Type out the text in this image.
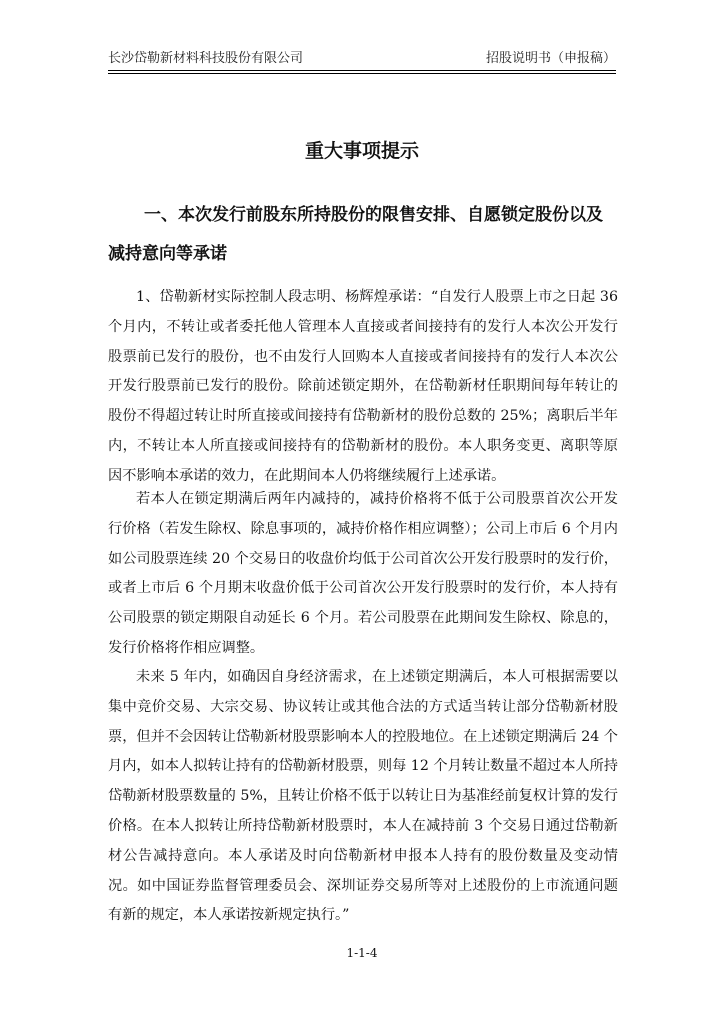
长沙岱勒新材料科技股份有限公司	招股说明书（申报稿）
重大事项提示
一、本次发行前股东所持股份的限售安排、自愿锁定股份以及减持意向等承诺

1、岱勒新材实际控制人段志明、杨辉煌承诺：“自发行人股票上市之日起 36 个月内，不转让或者委托他人管理本人直接或者间接持有的发行人本次公开发行股票前已发行的股份，也不由发行人回购本人直接或者间接持有的发行人本次公开发行股票前已发行的股份。除前述锁定期外，在岱勒新材任职期间每年转让的股份不得超过转让时所直接或间接持有岱勒新材的股份总数的 25%；离职后半年内，不转让本人所直接或间接持有的岱勒新材的股份。本人职务变更、离职等原因不影响本承诺的效力，在此期间本人仍将继续履行上述承诺。

若本人在锁定期满后两年内减持的，减持价格将不低于公司股票首次公开发行价格（若发生除权、除息事项的，减持价格作相应调整）；公司上市后 6 个月内如公司股票连续 20 个交易日的收盘价均低于公司首次公开发行股票时的发行价，或者上市后 6 个月期末收盘价低于公司首次公开发行股票时的发行价，本人持有公司股票的锁定期限自动延长 6 个月。若公司股票在此期间发生除权、除息的，发行价格将作相应调整。

未来 5 年内，如确因自身经济需求，在上述锁定期满后，本人可根据需要以集中竞价交易、大宗交易、协议转让或其他合法的方式适当转让部分岱勒新材股票，但并不会因转让岱勒新材股票影响本人的控股地位。在上述锁定期满后 24 个月内，如本人拟转让持有的岱勒新材股票，则每 12 个月转让数量不超过本人所持岱勒新材股票数量的 5%，且转让价格不低于以转让日为基准经前复权计算的发行价格。在本人拟转让所持岱勒新材股票时，本人在减持前 3 个交易日通过岱勒新材公告减持意向。本人承诺及时向岱勒新材申报本人持有的股份数量及变动情况。如中国证券监督管理委员会、深圳证券交易所等对上述股份的上市流通问题有新的规定，本人承诺按新规定执行。”

1-1-4
